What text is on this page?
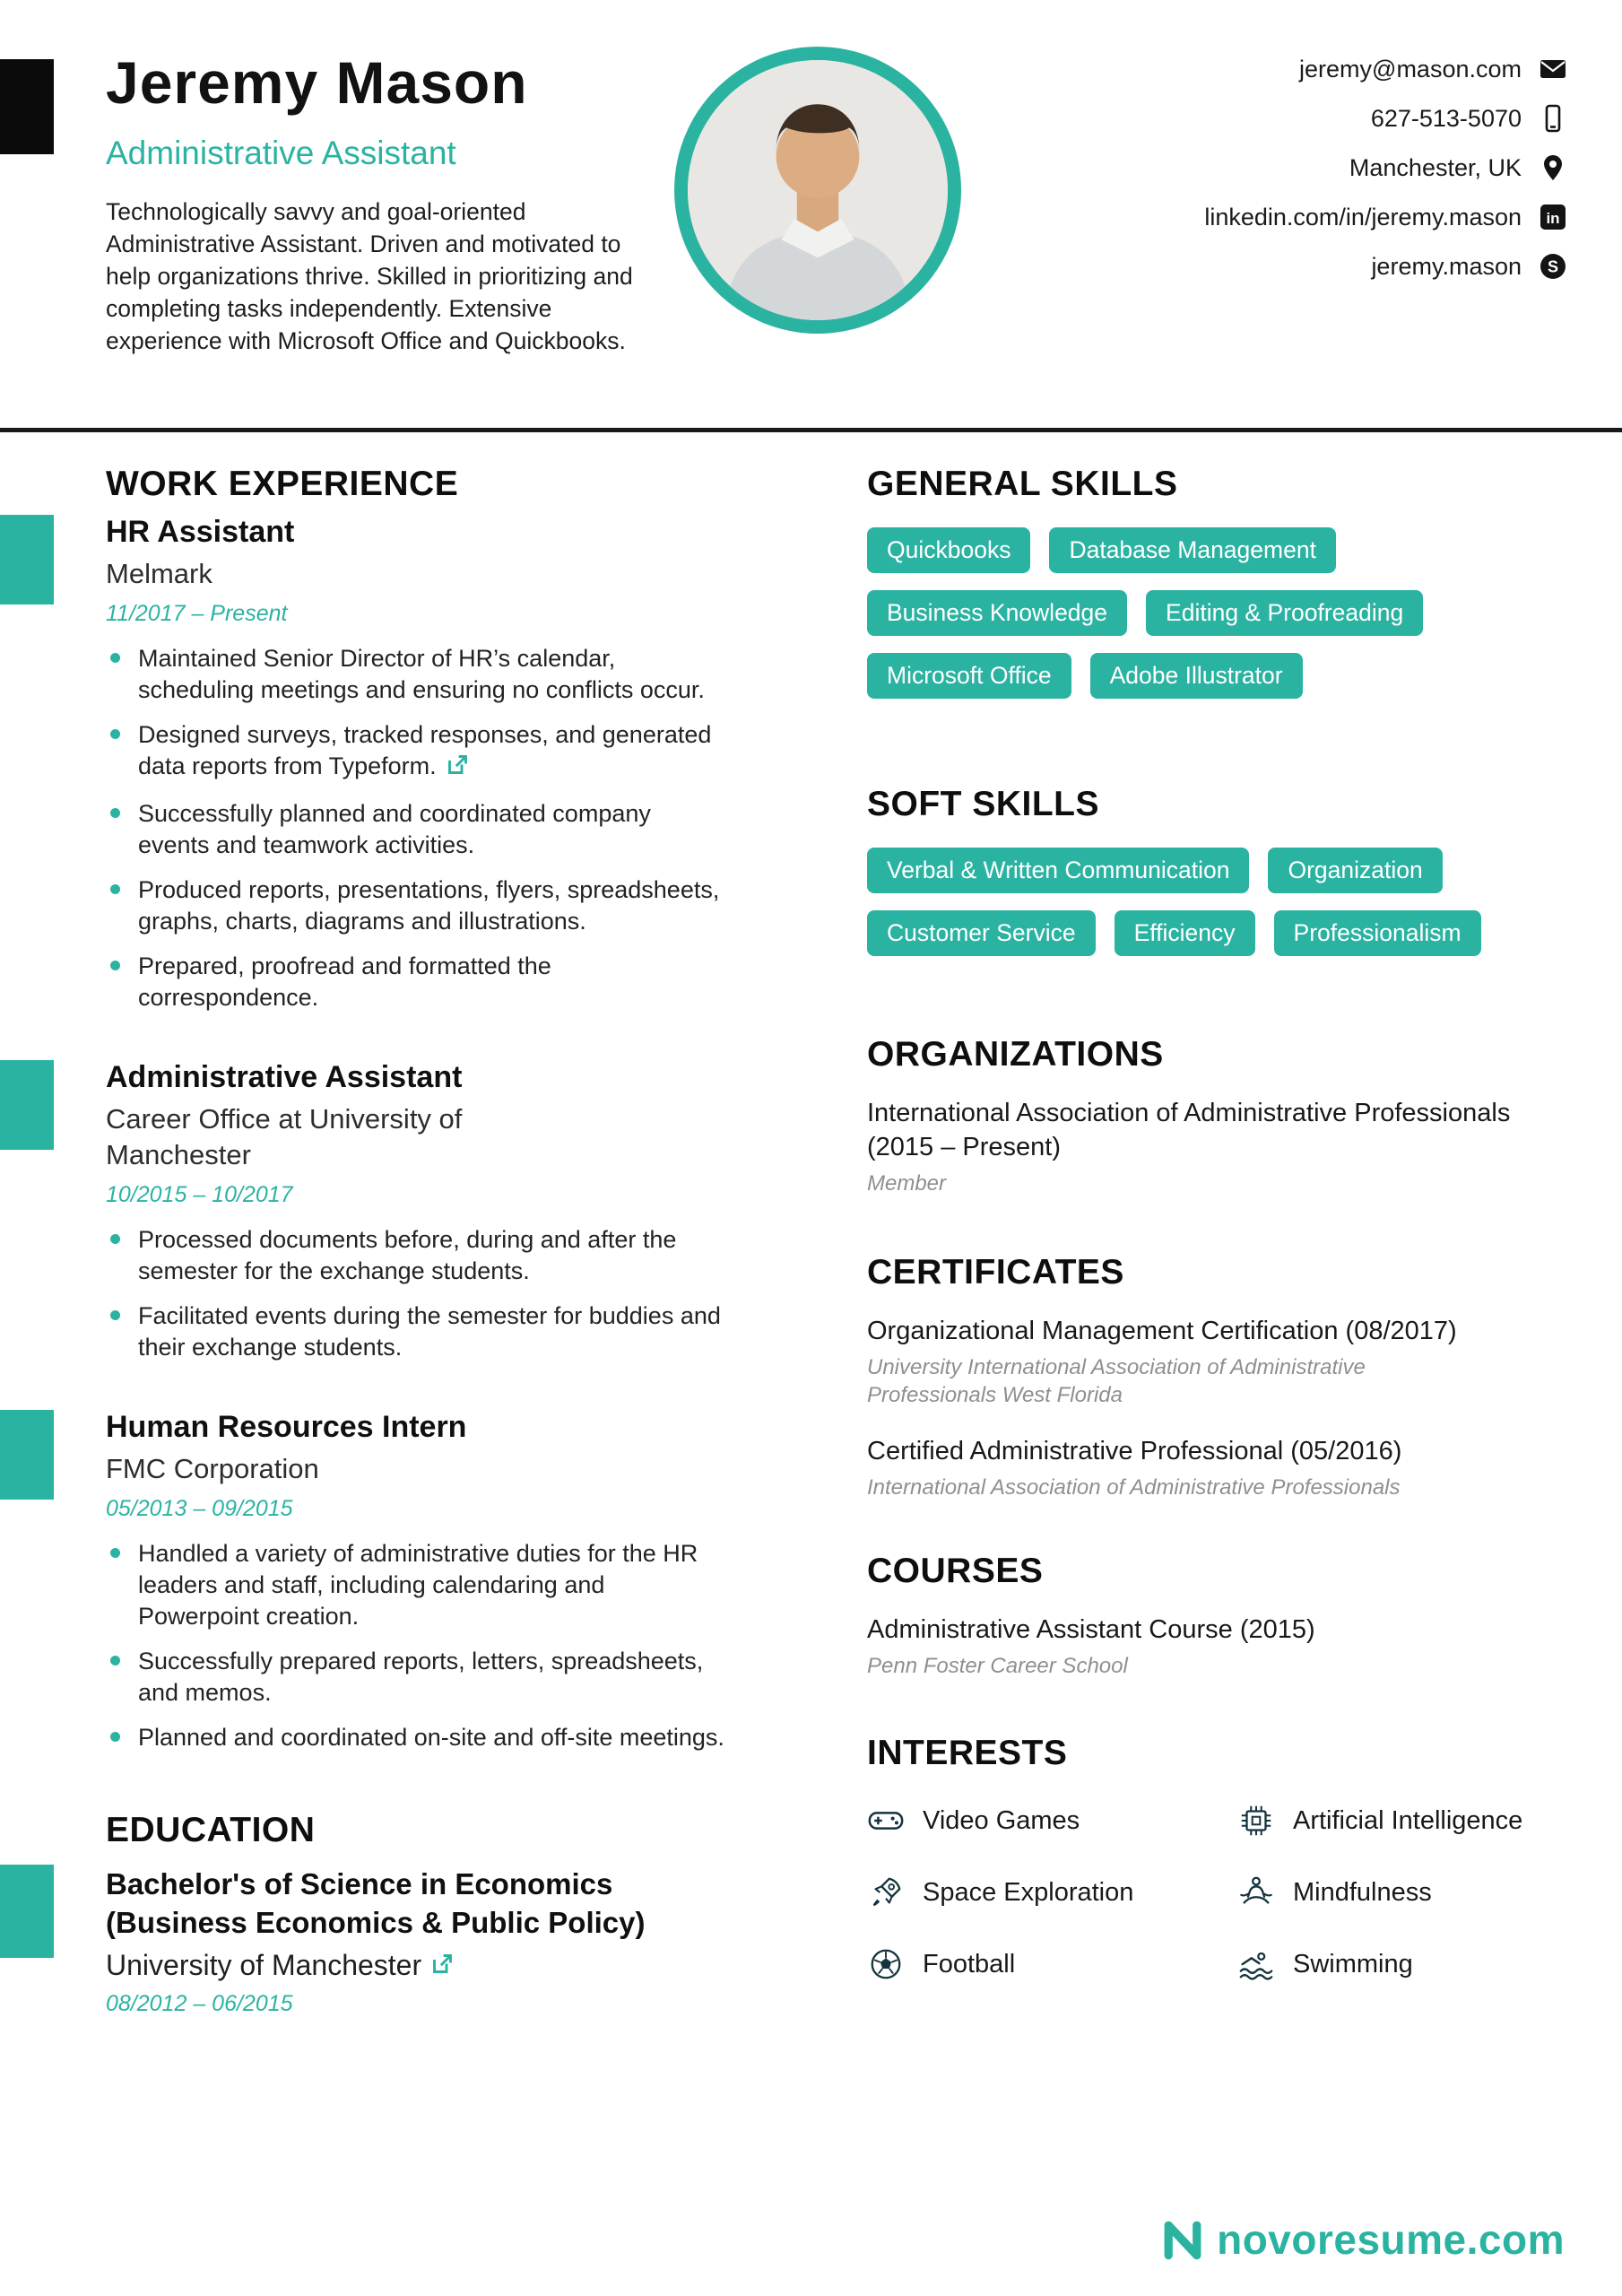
Jeremy Mason
Administrative Assistant

Technologically savvy and goal-oriented Administrative Assistant. Driven and motivated to help organizations thrive. Skilled in prioritizing and completing tasks independently. Extensive experience with Microsoft Office and Quickbooks.

jeremy@mason.com
627-513-5070
Manchester, UK
linkedin.com/in/jeremy.mason in
jeremy.mason S
WORK EXPERIENCE
HR Assistant
Melmark
11/2017 – Present
Maintained Senior Director of HR’s calendar, scheduling meetings and ensuring no conflicts occur.
Designed surveys, tracked responses, and generated data reports from Typeform.
Successfully planned and coordinated company events and teamwork activities.
Produced reports, presentations, flyers, spreadsheets, graphs, charts, diagrams and illustrations.
Prepared, proofread and formatted the correspondence.
Administrative Assistant
Career Office at University of Manchester
10/2015 – 10/2017
Processed documents before, during and after the semester for the exchange students.
Facilitated events during the semester for buddies and their exchange students.
Human Resources Intern
FMC Corporation
05/2013 – 09/2015
Handled a variety of administrative duties for the HR leaders and staff, including calendaring and Powerpoint creation.
Successfully prepared reports, letters, spreadsheets, and memos.
Planned and coordinated on-site and off-site meetings.
EDUCATION
Bachelor's of Science in Economics (Business Economics & Public Policy)
University of Manchester
08/2012 – 06/2015
GENERAL SKILLS
Quickbooks	Database Management
Business Knowledge	Editing & Proofreading
Microsoft Office	Adobe Illustrator
SOFT SKILLS
Verbal & Written Communication	Organization
Customer Service	Efficiency	Professionalism
ORGANIZATIONS
International Association of Administrative Professionals (2015 – Present)
Member
CERTIFICATES
Organizational Management Certification (08/2017)
University International Association of Administrative Professionals West Florida
Certified Administrative Professional (05/2016)
International Association of Administrative Professionals
COURSES
Administrative Assistant Course (2015)
Penn Foster Career School
INTERESTS
Video Games	Artificial Intelligence
Space Exploration	Mindfulness
Football	Swimming
novoresume.com
